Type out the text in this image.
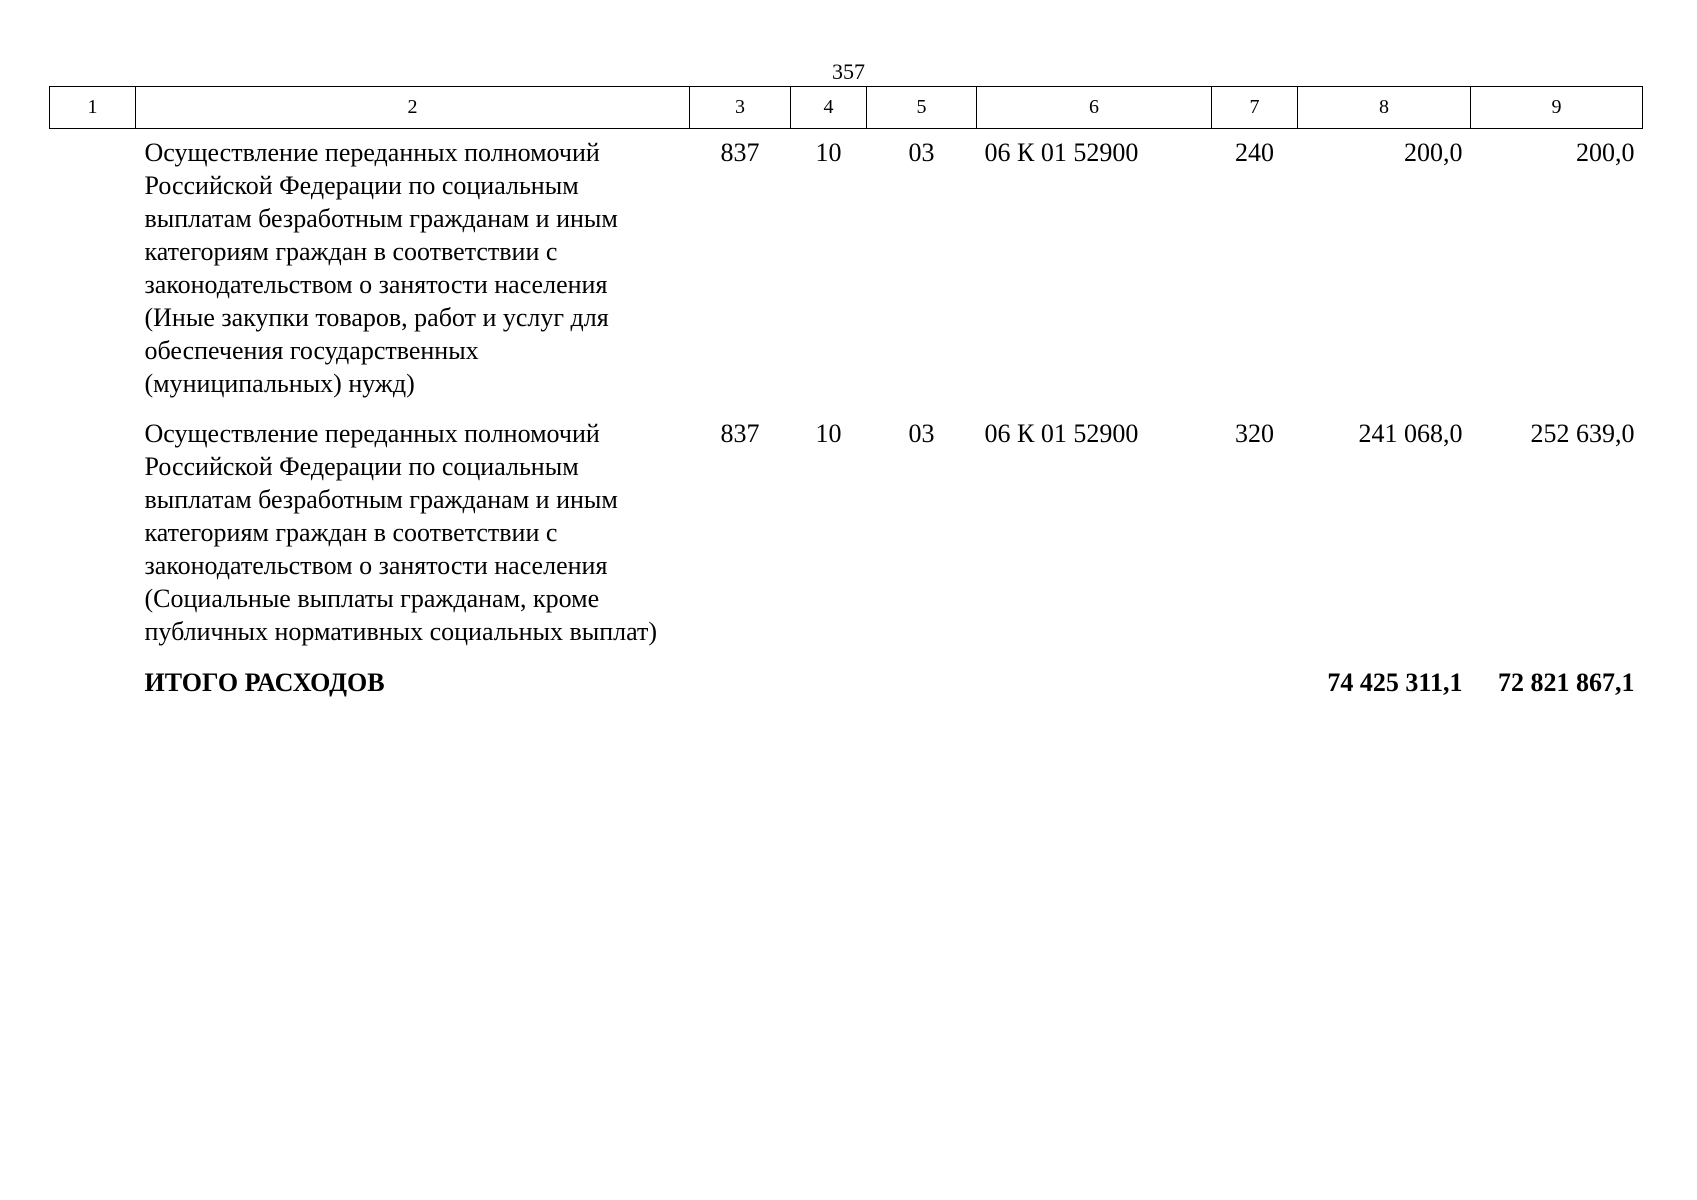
357
1	2	3	4	5	6	7	8	9
	Осуществление переданных полномочий Российской Федерации по социальным выплатам безработным гражданам и иным категориям граждан в соответствии с законодательством о занятости населения (Иные закупки товаров, работ и услуг для обеспечения государственных (муниципальных) нужд)	837	10	03	06 К 01 52900	240	200,0	200,0
	Осуществление переданных полномочий Российской Федерации по социальным выплатам безработным гражданам и иным категориям граждан в соответствии с законодательством о занятости населения (Социальные выплаты гражданам, кроме публичных нормативных социальных выплат)	837	10	03	06 К 01 52900	320	241 068,0	252 639,0
	ИТОГО РАСХОДОВ						74 425 311,1	72 821 867,1
